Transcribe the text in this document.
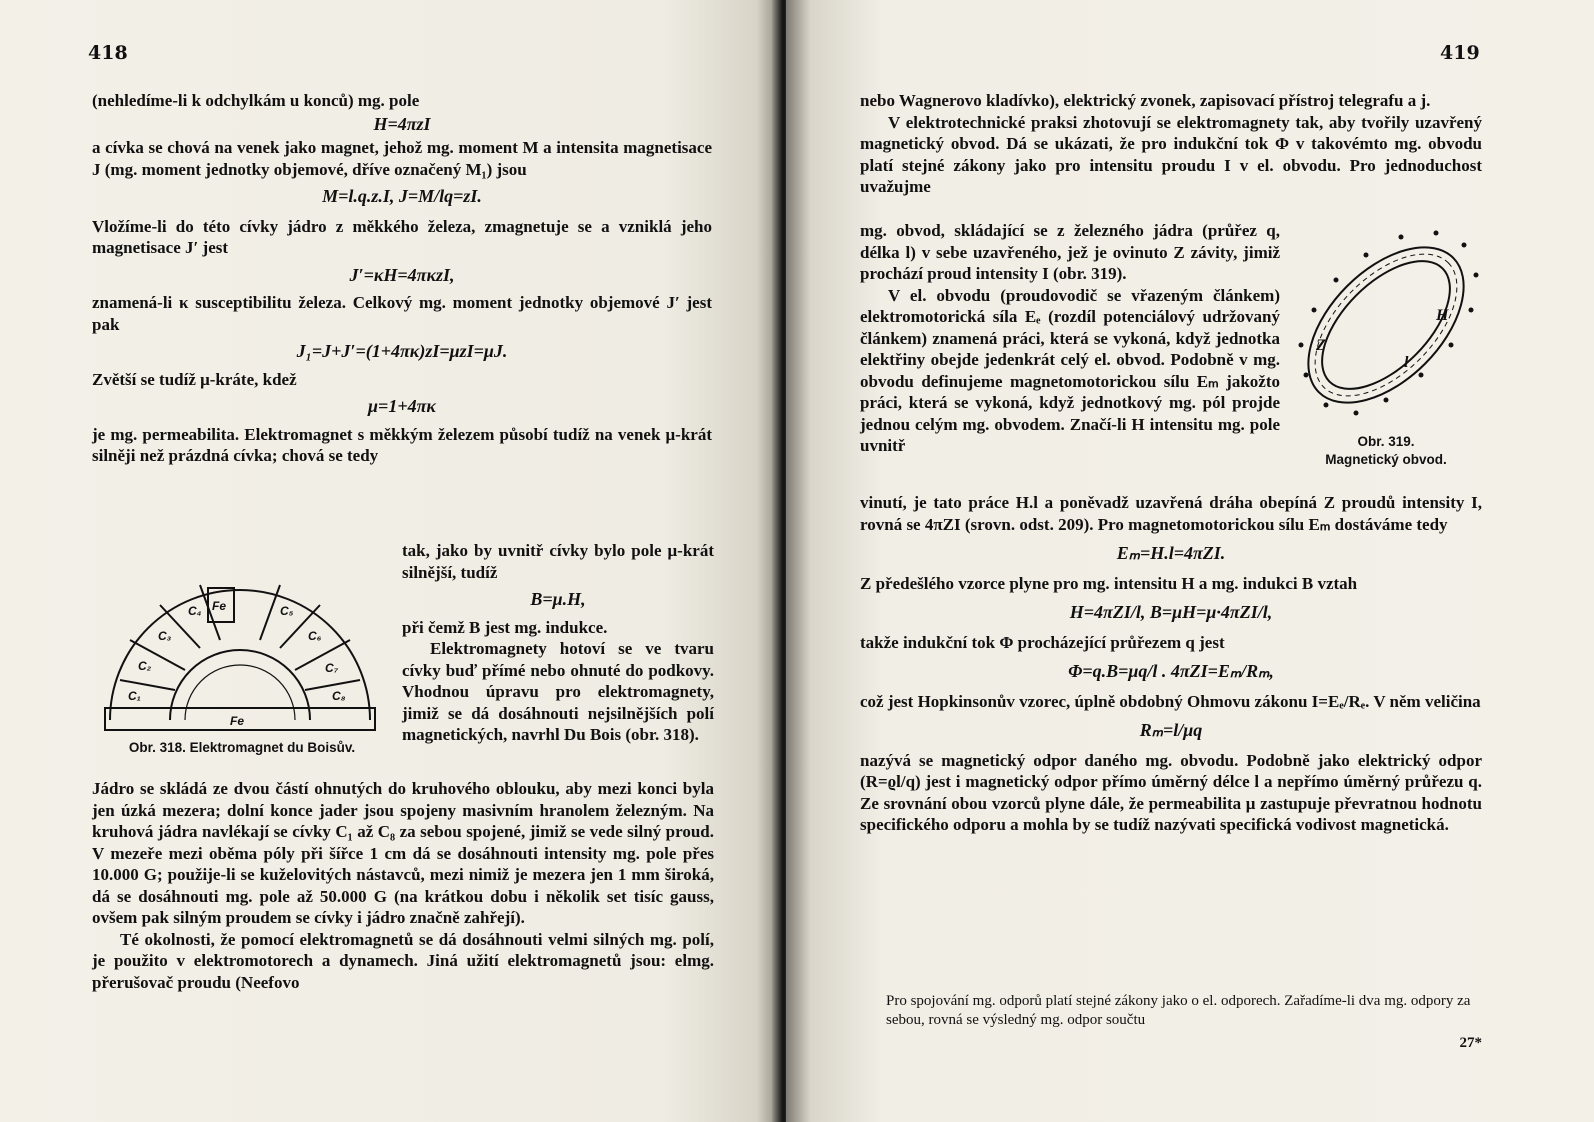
418

(nehledíme-li k odchylkám u konců) mg. pole

H=4πzI

a cívka se chová na venek jako magnet, jehož mg. moment M a intensita magnetisace J (mg. moment jednotky objemové, dříve označený M₁) jsou

M=l.q.z.I, J=M/lq=zI.

Vložíme-li do této cívky jádro z měkkého železa, zmagnetuje se a vzniklá jeho magnetisace J′ jest

J′=κH=4πκzI,

znamená-li κ susceptibilitu železa. Celkový mg. moment jednotky objemové J′ jest pak

J₁=J+J′=(1+4πκ)zI=μzI=μJ.

Zvětší se tudíž μ-kráte, kdež

μ=1+4πκ

je mg. permeabilita. Elektromagnet s měkkým železem působí tudíž na venek μ-krát silněji než prázdná cívka; chová se tedy

Fe
C₄	C₅
C₃	C₆
C₂	C₇
C₁	C₈
Fe
Obr. 318. Elektromagnet du Boisův.

tak, jako by uvnitř cívky bylo pole μ-krát silnější, tudíž

B=μ.H,

při čemž B jest mg. indukce.

Elektromagnety hotoví se ve tvaru cívky buď přímé nebo ohnuté do podkovy. Vhodnou úpravu pro elektromagnety, jimiž se dá dosáhnouti nejsilnějších polí magnetických, navrhl Du Bois (obr. 318).

Jádro se skládá ze dvou částí ohnutých do kruhového oblouku, aby mezi konci byla jen úzká mezera; dolní konce jader jsou spojeny masivním hranolem železným. Na kruhová jádra navlékají se cívky C₁ až C₈ za sebou spojené, jimiž se vede silný proud. V mezeře mezi oběma póly při šířce 1 cm dá se dosáhnouti intensity mg. pole přes 10.000 G; použije-li se kuželovitých nástavců, mezi nimiž je mezera jen 1 mm široká, dá se dosáhnouti mg. pole až 50.000 G (na krátkou dobu i několik set tisíc gauss, ovšem pak silným proudem se cívky i jádro značně zahřejí).

Té okolnosti, že pomocí elektromagnetů se dá dosáhnouti velmi silných mg. polí, je použito v elektromotorech a dynamech. Jiná užití elektromagnetů jsou: elmg. přerušovač proudu (Neefovo

419

nebo Wagnerovo kladívko), elektrický zvonek, zapisovací přístroj telegrafu a j.

V elektrotechnické praksi zhotovují se elektromagnety tak, aby tvořily uzavřený magnetický obvod. Dá se ukázati, že pro indukční tok Φ v takovémto mg. obvodu platí stejné zákony jako pro intensitu proudu I v el. obvodu. Pro jednoduchost uvažujme

mg. obvod, skládající se z železného jádra (průřez q, délka l) v sebe uzavřeného, jež je ovinuto Z závity, jimiž prochází proud intensity I (obr. 319).

V el. obvodu (proudovodič se vřazeným článkem) elektromotorická síla Eₑ (rozdíl potenciálový udržovaný článkem) znamená práci, která se vykoná, když jednotka elektřiny obejde jedenkrát celý el. obvod. Podobně v mg. obvodu definujeme magnetomotorickou sílu Eₘ jakožto práci, která se vykoná, když jednotkový mg. pól projde jednou celým mg. obvodem. Značí-li H intensitu mg. pole uvnitř

Z
H
l
Obr. 319.
Magnetický obvod.

vinutí, je tato práce H.l a poněvadž uzavřená dráha obepíná Z proudů intensity I, rovná se 4πZI (srovn. odst. 209). Pro magnetomotorickou sílu Eₘ dostáváme tedy

Eₘ=H.l=4πZI.

Z předešlého vzorce plyne pro mg. intensitu H a mg. indukci B vztah

H=4πZI/l, B=μH=μ·4πZI/l,

takže indukční tok Φ procházející průřezem q jest

Φ=q.B=μq/l . 4πZI=Eₘ/Rₘ,

což jest Hopkinsonův vzorec, úplně obdobný Ohmovu zákonu I=Eₑ/Rₑ. V něm veličina

Rₘ=l/μq

nazývá se magnetický odpor daného mg. obvodu. Podobně jako elektrický odpor (R=ϱl/q) jest i magnetický odpor přímo úměrný délce l a nepřímo úměrný průřezu q. Ze srovnání obou vzorců plyne dále, že permeabilita μ zastupuje převratnou hodnotu specifického odporu a mohla by se tudíž nazývati specifická vodivost magnetická.

Pro spojování mg. odporů platí stejné zákony jako o el. odporech. Zařadíme-li dva mg. odpory za sebou, rovná se výsledný mg. odpor součtu
27*
